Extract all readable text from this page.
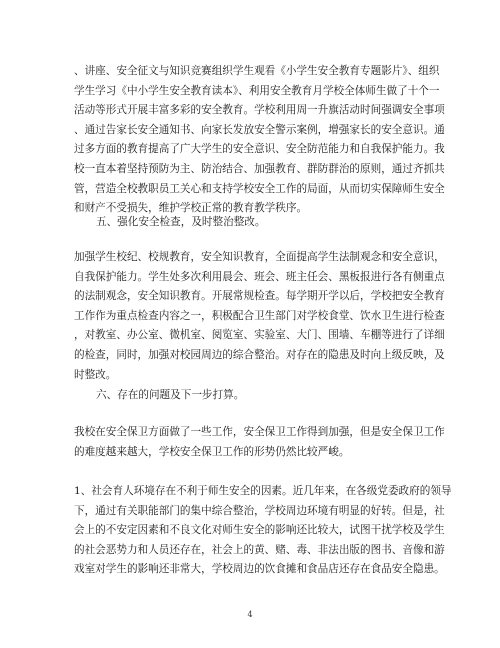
、讲座、安全征文与知识竞赛组织学生观看《小学生安全教育专题影片》、组织
学生学习《中小学生安全教育读本》、利用安全教育月学校全体师生做了十个一
活动等形式开展丰富多彩的安全教育。学校利用周一升旗活动时间强调安全事项
、通过告家长安全通知书、向家长发放安全警示案例，增强家长的安全意识。通
过多方面的教育提高了广大学生的安全意识、安全防范能力和自我保护能力。我
校一直本着坚持预防为主、防治结合、加强教育、群防群治的原则，通过齐抓共
管，营造全校教职员工关心和支持学校安全工作的局面，从而切实保障师生安全
和财产不受损失，维护学校正常的教育教学秩序。
五、强化安全检查，及时整治整改。
加强学生校纪、校规教育，安全知识教育，全面提高学生法制观念和安全意识，
自我保护能力。学生处多次利用晨会、班会、班主任会、黑板报进行各有侧重点
的法制观念，安全知识教育。开展常规检查。每学期开学以后，学校把安全教育
工作作为重点检查内容之一，积极配合卫生部门对学校食堂、饮水卫生进行检查
，对教室、办公室、微机室、阅览室、实验室、大门、围墙、车棚等进行了详细
的检查，同时，加强对校园周边的综合整治。对存在的隐患及时向上级反映，及
时整改。
六、存在的问题及下一步打算。
我校在安全保卫方面做了一些工作，安全保卫工作得到加强，但是安全保卫工作
的难度越来越大，学校安全保卫工作的形势仍然比较严峻。
1、社会育人环境存在不利于师生安全的因素。近几年来，在各级党委政府的领导
下，通过有关职能部门的集中综合整治，学校周边环境有明显的好转。但是，社
会上的不安定因素和不良文化对师生安全的影响还比较大，试图干扰学校及学生
的社会恶势力和人员还存在，社会上的黄、赌、毒、非法出版的图书、音像和游
戏室对学生的影响还非常大，学校周边的饮食摊和食品店还存在食品安全隐患。
4
